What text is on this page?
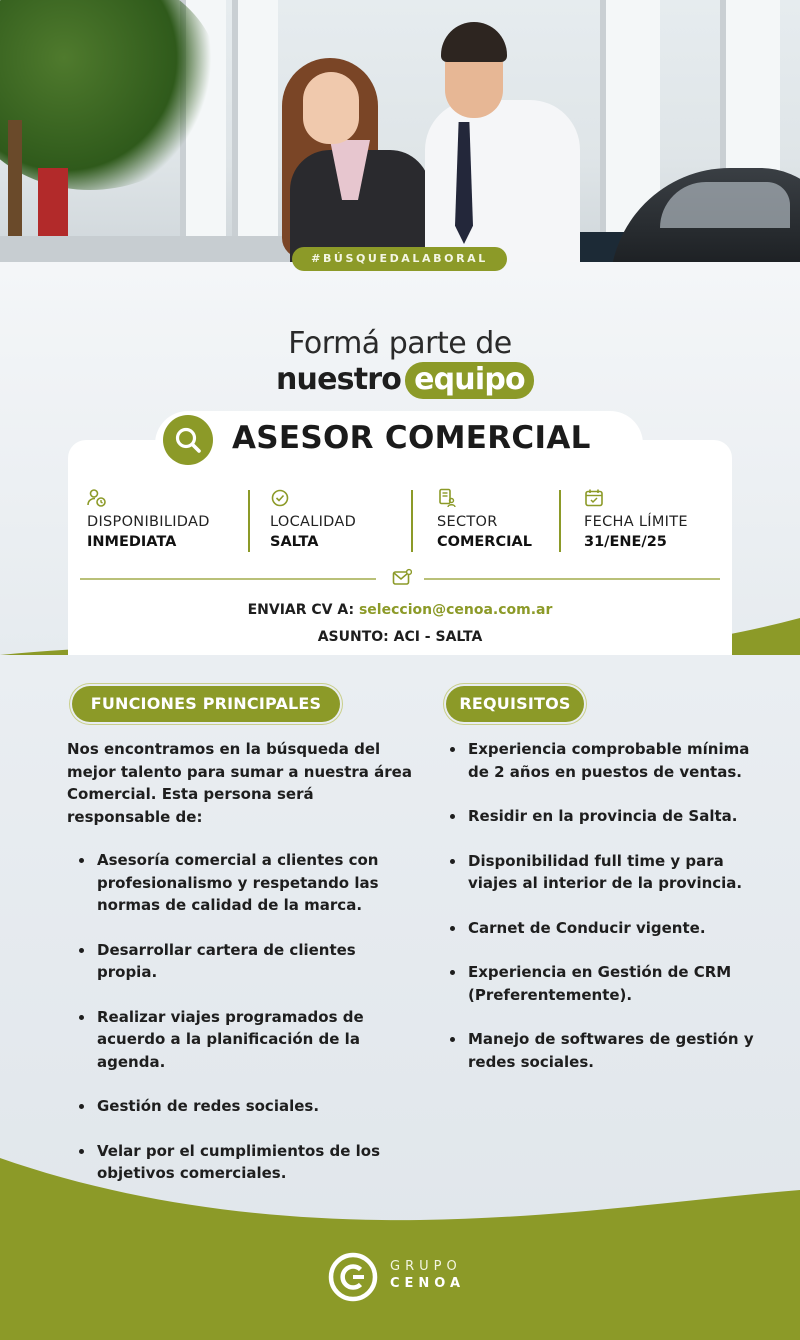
#BÚSQUEDALABORAL
Formá parte de
nuestro equipo
ASESOR COMERCIAL
DISPONIBILIDAD
INMEDIATA
LOCALIDAD
SALTA
SECTOR
COMERCIAL
FECHA LÍMITE
31/ENE/25
ENVIAR CV A: seleccion@cenoa.com.ar
ASUNTO: ACI - SALTA
FUNCIONES PRINCIPALES

Nos encontramos en la búsqueda del mejor talento para sumar a nuestra área Comercial. Esta persona será responsable de:

Asesoría comercial a clientes con profesionalismo y respetando las normas de calidad de la marca.
Desarrollar cartera de clientes propia.
Realizar viajes programados de acuerdo a la planificación de la agenda.
Gestión de redes sociales.
Velar por el cumplimientos de los objetivos comerciales.
REQUISITOS
Experiencia comprobable mínima de 2 años en puestos de ventas.
Residir en la provincia de Salta.
Disponibilidad full time y para viajes al interior de la provincia.
Carnet de Conducir vigente.
Experiencia en Gestión de CRM (Preferentemente).
Manejo de softwares de gestión y redes sociales.
GRUPO
CENOA
